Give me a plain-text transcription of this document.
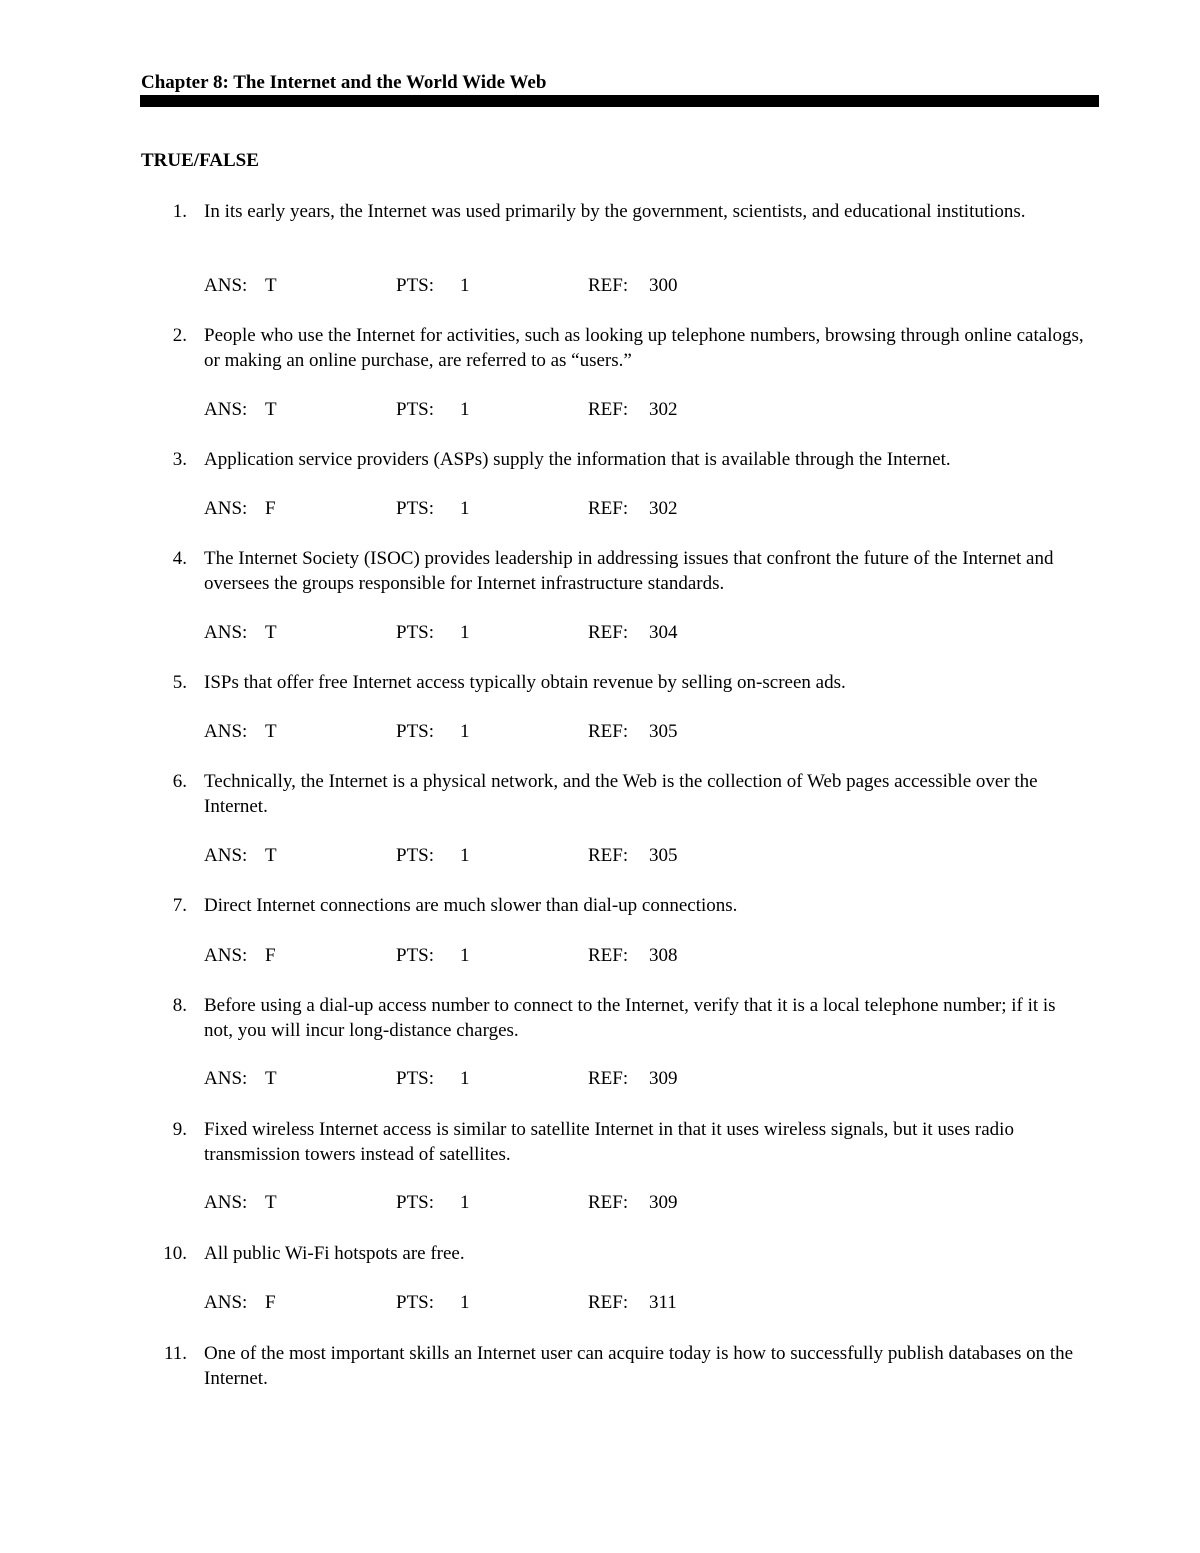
Chapter 8: The Internet and the World Wide Web
TRUE/FALSE
1. In its early years, the Internet was used primarily by the government, scientists, and educational institutions.

ANS: T	PTS: 1	REF: 300
2. People who use the Internet for activities, such as looking up telephone numbers, browsing through online catalogs, or making an online purchase, are referred to as “users.”

ANS: T	PTS: 1	REF: 302
3. Application service providers (ASPs) supply the information that is available through the Internet.

ANS: F	PTS: 1	REF: 302
4. The Internet Society (ISOC) provides leadership in addressing issues that confront the future of the Internet and oversees the groups responsible for Internet infrastructure standards.

ANS: T	PTS: 1	REF: 304
5. ISPs that offer free Internet access typically obtain revenue by selling on-screen ads.

ANS: T	PTS: 1	REF: 305
6. Technically, the Internet is a physical network, and the Web is the collection of Web pages accessible over the Internet.

ANS: T	PTS: 1	REF: 305
7. Direct Internet connections are much slower than dial-up connections.

ANS: F	PTS: 1	REF: 308
8. Before using a dial-up access number to connect to the Internet, verify that it is a local telephone number; if it is not, you will incur long-distance charges.

ANS: T	PTS: 1	REF: 309
9. Fixed wireless Internet access is similar to satellite Internet in that it uses wireless signals, but it uses radio transmission towers instead of satellites.

ANS: T	PTS: 1	REF: 309
10. All public Wi-Fi hotspots are free.

ANS: F	PTS: 1	REF: 311
11. One of the most important skills an Internet user can acquire today is how to successfully publish databases on the Internet.
